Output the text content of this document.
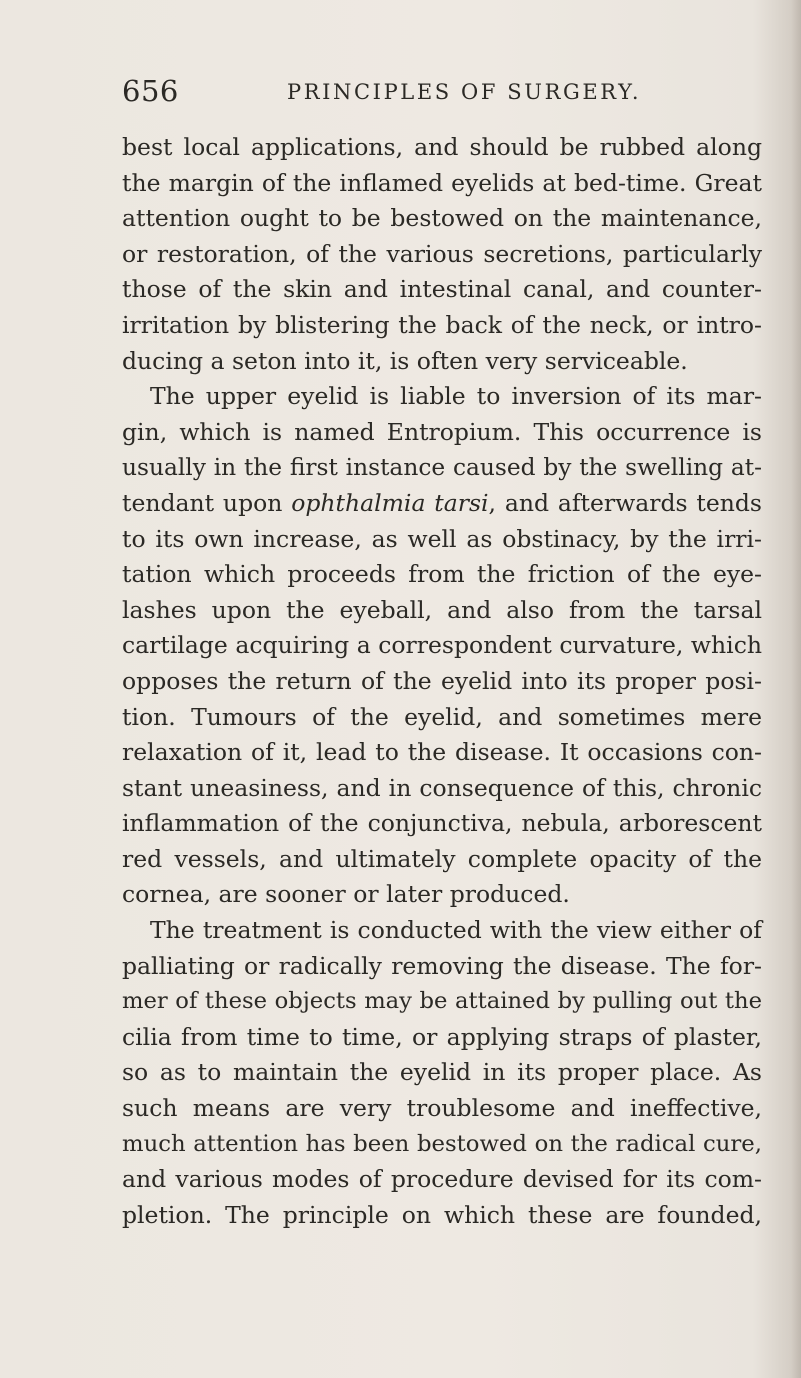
656	PRINCIPLES OF SURGERY.
best local applications, and should be rubbed along
the margin of the inflamed eyelids at bed-time. Great
attention ought to be bestowed on the maintenance,
or restoration, of the various secretions, particularly
those of the skin and intestinal canal, and counter-
irritation by blistering the back of the neck, or intro-
ducing a seton into it, is often very serviceable.
The upper eyelid is liable to inversion of its mar-
gin, which is named Entropium. This occurrence is
usually in the first instance caused by the swelling at-
tendant upon ophthalmia tarsi, and afterwards tends
to its own increase, as well as obstinacy, by the irri-
tation which proceeds from the friction of the eye-
lashes upon the eyeball, and also from the tarsal
cartilage acquiring a correspondent curvature, which
opposes the return of the eyelid into its proper posi-
tion. Tumours of the eyelid, and sometimes mere
relaxation of it, lead to the disease. It occasions con-
stant uneasiness, and in consequence of this, chronic
inflammation of the conjunctiva, nebula, arborescent
red vessels, and ultimately complete opacity of the
cornea, are sooner or later produced.
The treatment is conducted with the view either of
palliating or radically removing the disease. The for-
mer of these objects may be attained by pulling out the
cilia from time to time, or applying straps of plaster,
so as to maintain the eyelid in its proper place. As
such means are very troublesome and ineffective,
much attention has been bestowed on the radical cure,
and various modes of procedure devised for its com-
pletion. The principle on which these are founded,
